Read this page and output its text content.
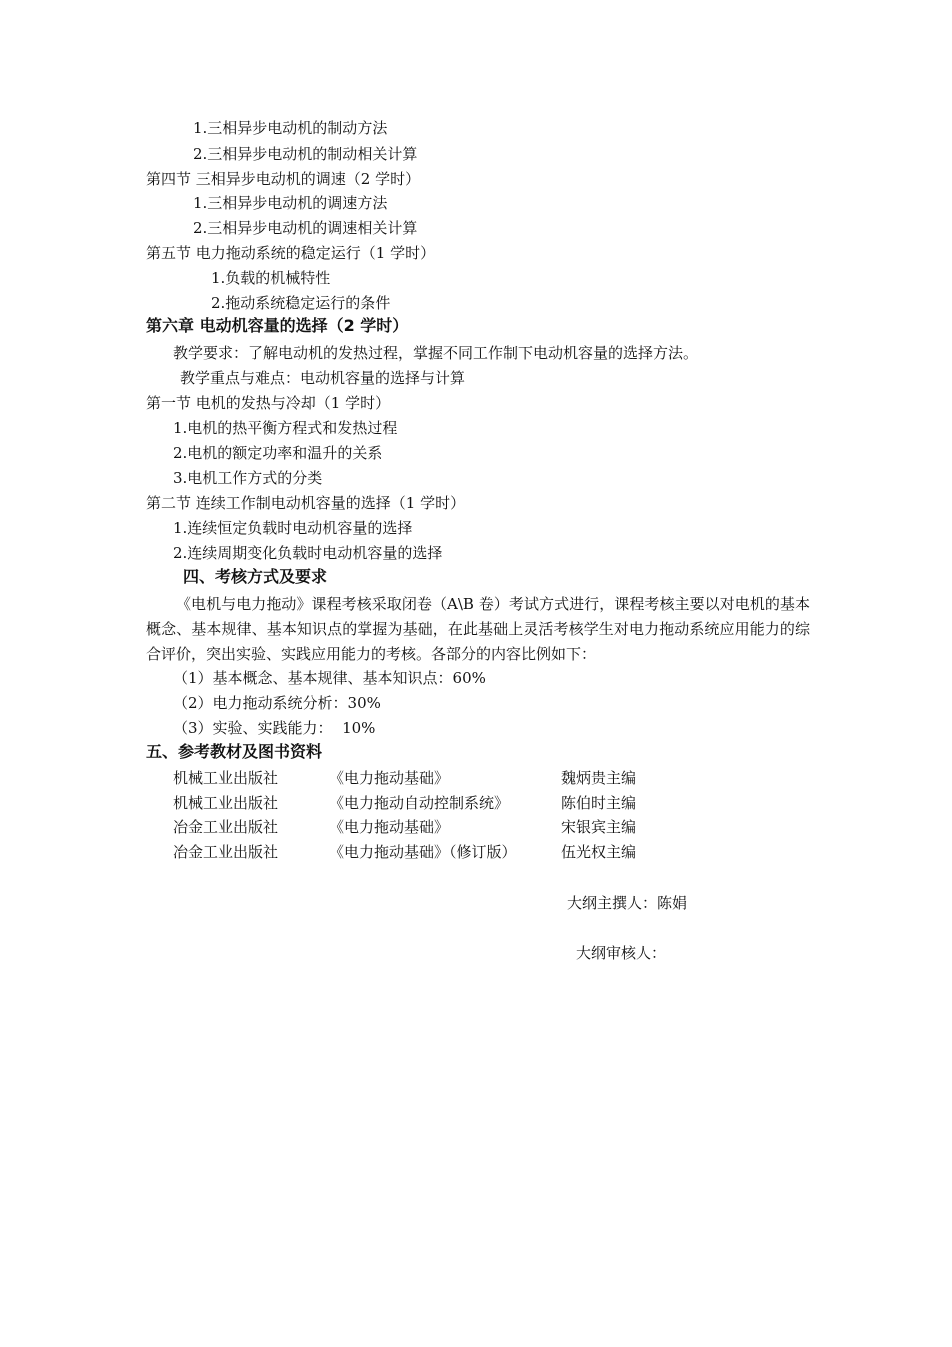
1.三相异步电动机的制动方法

2.三相异步电动机的制动相关计算

第四节 三相异步电动机的调速（2 学时）

1.三相异步电动机的调速方法

2.三相异步电动机的调速相关计算

第五节 电力拖动系统的稳定运行（1 学时）

1.负载的机械特性

2.拖动系统稳定运行的条件

第六章 电动机容量的选择（2 学时）

教学要求：了解电动机的发热过程，掌握不同工作制下电动机容量的选择方法。

教学重点与难点：电动机容量的选择与计算

第一节 电机的发热与冷却（1 学时）

1.电机的热平衡方程式和发热过程

2.电机的额定功率和温升的关系

3.电机工作方式的分类

第二节 连续工作制电动机容量的选择（1 学时）

1.连续恒定负载时电动机容量的选择

2.连续周期变化负载时电动机容量的选择

四、考核方式及要求

《电机与电力拖动》课程考核采取闭卷（A\B 卷）考试方式进行，课程考核主要以对电机的基本概念、基本规律、基本知识点的掌握为基础，在此基础上灵活考核学生对电力拖动系统应用能力的综合评价，突出实验、实践应用能力的考核。各部分的内容比例如下：

（1）基本概念、基本规律、基本知识点：60%

（2）电力拖动系统分析：30%

（3）实验、实践能力：  10%

五、参考教材及图书资料

机械工业出版社	《电力拖动基础》	魏炳贵主编
机械工业出版社	《电力拖动自动控制系统》	陈伯时主编
冶金工业出版社	《电力拖动基础》	宋银宾主编
冶金工业出版社	《电力拖动基础》（修订版）	伍光权主编

大纲主撰人：陈娟

大纲审核人：
